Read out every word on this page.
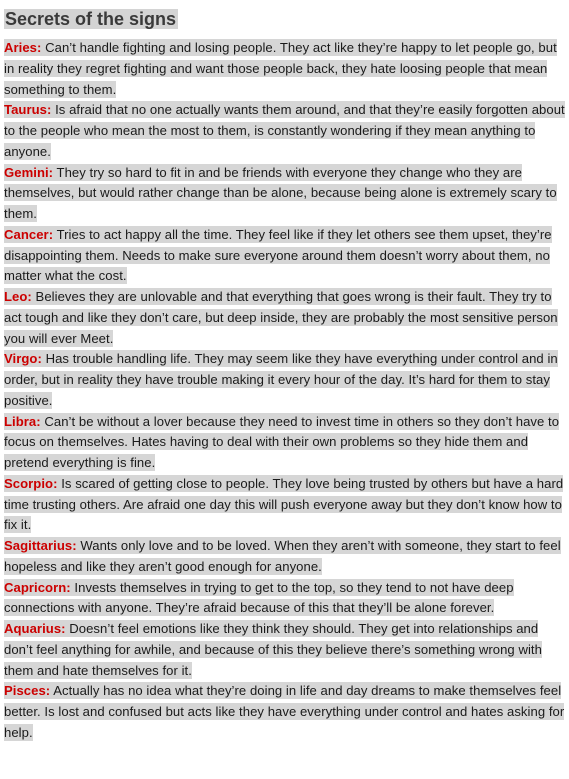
Secrets of the signs

Aries: Can’t handle fighting and losing people. They act like they’re happy to let people go, but in reality they regret fighting and want those people back, they hate loosing people that mean something to them.

Taurus: Is afraid that no one actually wants them around, and that they’re easily forgotten about to the people who mean the most to them, is constantly wondering if they mean anything to anyone.

Gemini: They try so hard to fit in and be friends with everyone they change who they are themselves, but would rather change than be alone, because being alone is extremely scary to them.

Cancer: Tries to act happy all the time. They feel like if they let others see them upset, they’re disappointing them. Needs to make sure everyone around them doesn’t worry about them, no matter what the cost.

Leo: Believes they are unlovable and that everything that goes wrong is their fault. They try to act tough and like they don’t care, but deep inside, they are probably the most sensitive person you will ever Meet.

Virgo: Has trouble handling life. They may seem like they have everything under control and in order, but in reality they have trouble making it every hour of the day. It’s hard for them to stay positive.

Libra: Can’t be without a lover because they need to invest time in others so they don’t have to focus on themselves. Hates having to deal with their own problems so they hide them and pretend everything is fine.

Scorpio: Is scared of getting close to people. They love being trusted by others but have a hard time trusting others. Are afraid one day this will push everyone away but they don’t know how to fix it.

Sagittarius: Wants only love and to be loved. When they aren’t with someone, they start to feel hopeless and like they aren’t good enough for anyone.

Capricorn: Invests themselves in trying to get to the top, so they tend to not have deep connections with anyone. They’re afraid because of this that they’ll be alone forever.

Aquarius: Doesn’t feel emotions like they think they should. They get into relationships and don’t feel anything for awhile, and because of this they believe there’s something wrong with them and hate themselves for it.

Pisces: Actually has no idea what they’re doing in life and day dreams to make themselves feel better. Is lost and confused but acts like they have everything under control and hates asking for help.
